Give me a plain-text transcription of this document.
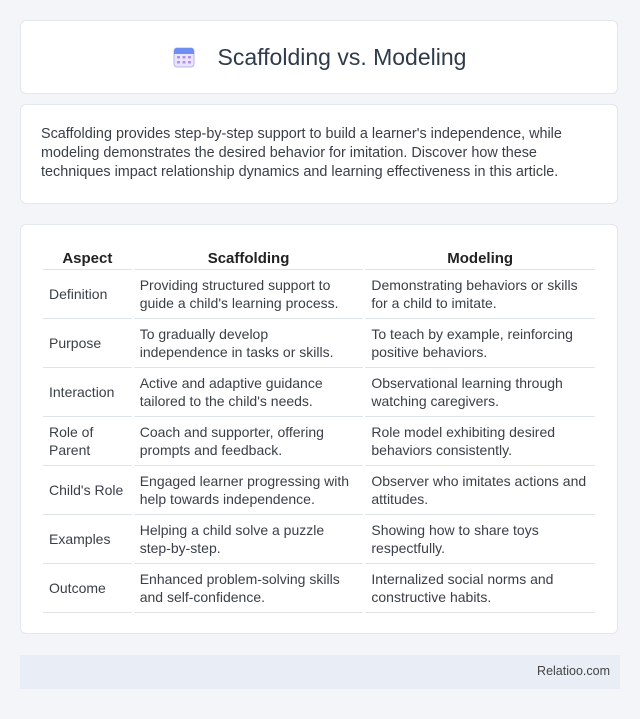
Scaffolding vs. Modeling
Scaffolding provides step-by-step support to build a learner's independence, while modeling demonstrates the desired behavior for imitation. Discover how these techniques impact relationship dynamics and learning effectiveness in this article.
Aspect	Scaffolding	Modeling
Definition	Providing structured support to guide a child's learning process.	Demonstrating behaviors or skills for a child to imitate.
Purpose	To gradually develop independence in tasks or skills.	To teach by example, reinforcing positive behaviors.
Interaction	Active and adaptive guidance tailored to the child's needs.	Observational learning through watching caregivers.
Role of Parent	Coach and supporter, offering prompts and feedback.	Role model exhibiting desired behaviors consistently.
Child's Role	Engaged learner progressing with help towards independence.	Observer who imitates actions and attitudes.
Examples	Helping a child solve a puzzle step-by-step.	Showing how to share toys respectfully.
Outcome	Enhanced problem-solving skills and self-confidence.	Internalized social norms and constructive habits.
Relatioo.com
